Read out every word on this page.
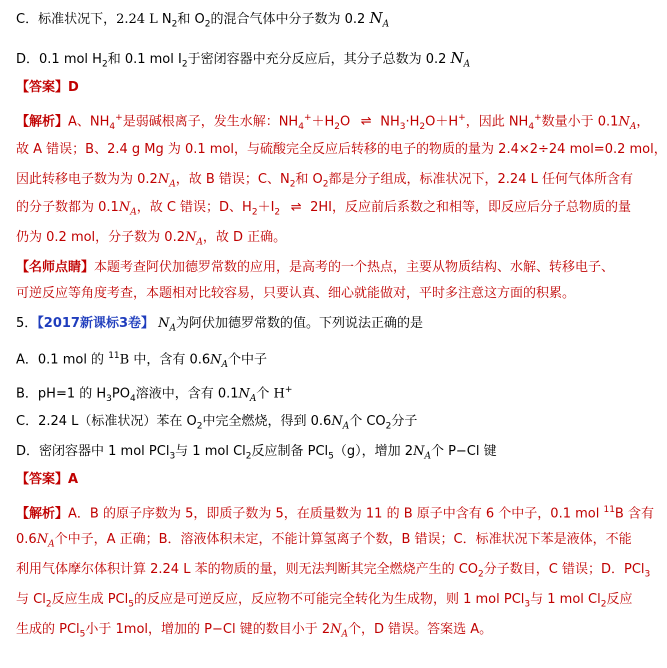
C．标准状况下，2.24 L $N_2$和 $O_2$的混合气体中分子数为 0.2 $N_A$
D．0.1 mol $H_2$和 0.1 mol $I_2$于密闭容器中充分反应后，其分子总数为 0.2 $N_A$
【答案】D
【解析】A、$NH_4^+$是弱碱根离子，发生水解：$NH_4^++H_2O$ ⇌ $NH_3\cdot H_2O+H^+$，因此 $NH_4^+$数量小于 $0.1N_A$，
故 A 错误；B、2.4 g Mg 为 0.1 mol，与硫酸完全反应后转移的电子的物质的量为 2.4×2÷24 mol=0.2 mol，
因此转移电子数为为 $0.2N_A$，故 B 错误；C、$N_2$和 $O_2$都是分子组成，标准状况下，2.24 L 任何气体所含有
的分子数都为 $0.1N_A$，故 C 错误；D、$H_2+I_2$ ⇌ 2HI，反应前后系数之和相等，即反应后分子总物质的量
仍为 0.2 mol，分子数为 $0.2N_A$，故 D 正确。
【名师点睛】本题考查阿伏加德罗常数的应用，是高考的一个热点，主要从物质结构、水解、转移电子、
可逆反应等角度考查，本题相对比较容易，只要认真、细心就能做对，平时多注意这方面的积累。
5．【2017新课标3卷】 $N_A$为阿伏加德罗常数的值。下列说法正确的是
A．0.1 mol 的 $^{11}$B 中，含有 $0.6N_A$个中子
B．pH=1 的 $H_3PO_4$溶液中，含有 $0.1N_A$个 H+
C．2.24 L（标准状况）苯在 $O_2$中完全燃烧，得到 $0.6N_A$个 $CO_2$分子
D．密闭容器中 1 mol PCl$_3$与 1 mol $Cl_2$反应制备 PCl$_5$（g），增加 $2N_A$个 P−Cl 键
【答案】A
【解析】A．B 的原子序数为 5，即质子数为 5，在质量数为 11 的 B 原子中含有 6 个中子，0.1 mol $^{11}$B 含有
$0.6N_A$个中子，A 正确；B．溶液体积未定，不能计算氢离子个数，B 错误；C．标准状况下苯是液体，不能
利用气体摩尔体积计算 2.24 L 苯的物质的量，则无法判断其完全燃烧产生的 $CO_2$分子数目，C 错误；D．PCl$_3$
与 $Cl_2$反应生成 PCl$_5$的反应是可逆反应，反应物不可能完全转化为生成物，则 1 mol PCl$_3$与 1 mol $Cl_2$反应
生成的 PCl$_5$小于 1mol，增加的 P−Cl 键的数目小于 $2N_A$个，D 错误。答案选 A。
